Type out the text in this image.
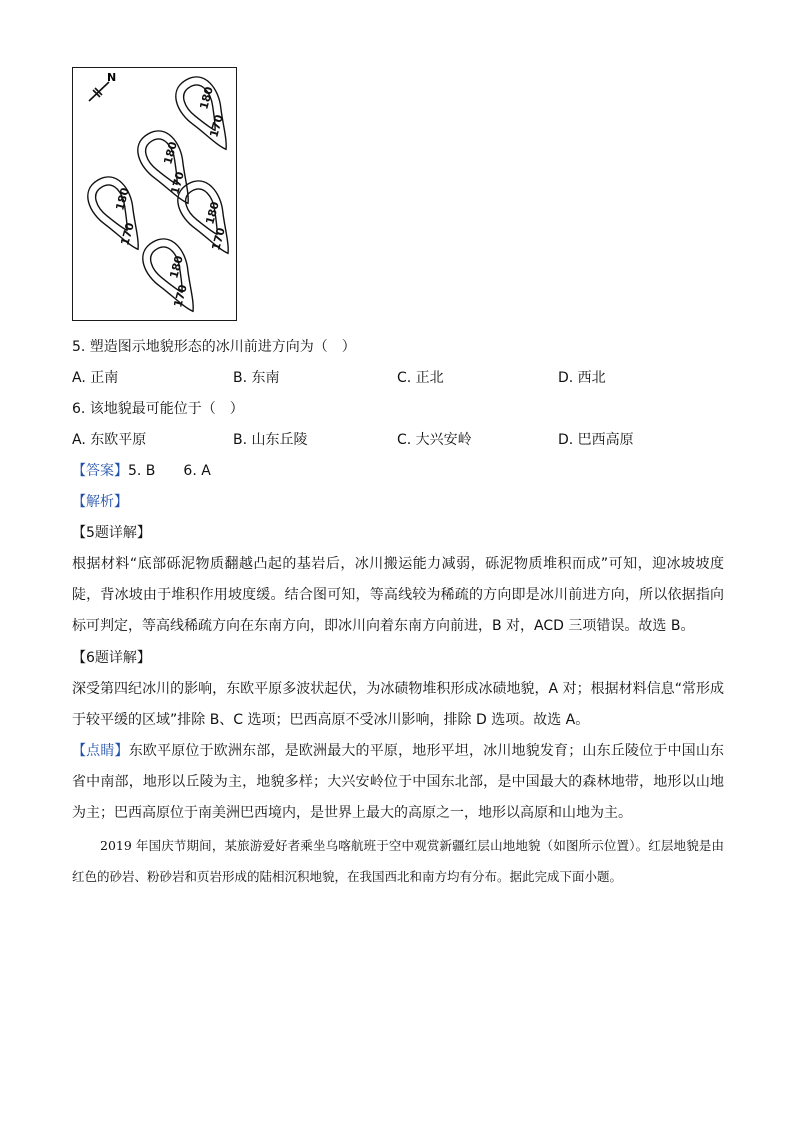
N
180
170
180
170
180
170
180
170
180
170
5. 塑造图示地貌形态的冰川前进方向为（　）
A. 正南	B. 东南	C. 正北	D. 西北
6. 该地貌最可能位于（　）
A. 东欧平原	B. 山东丘陵	C. 大兴安岭	D. 巴西高原
【答案】5. B　　6. A
【解析】
【5题详解】
根据材料“底部砾泥物质翻越凸起的基岩后，冰川搬运能力减弱，砾泥物质堆积而成”可知，迎冰坡坡度陡，背冰坡由于堆积作用坡度缓。结合图可知，等高线较为稀疏的方向即是冰川前进方向，所以依据指向标可判定，等高线稀疏方向在东南方向，即冰川向着东南方向前进，B 对，ACD 三项错误。故选 B。
【6题详解】
深受第四纪冰川的影响，东欧平原多波状起伏，为冰碛物堆积形成冰碛地貌，A 对；根据材料信息“常形成于较平缓的区域”排除 B、C 选项；巴西高原不受冰川影响，排除 D 选项。故选 A。
【点睛】东欧平原位于欧洲东部，是欧洲最大的平原，地形平坦，冰川地貌发育；山东丘陵位于中国山东省中南部，地形以丘陵为主，地貌多样；大兴安岭位于中国东北部，是中国最大的森林地带，地形以山地为主；巴西高原位于南美洲巴西境内，是世界上最大的高原之一，地形以高原和山地为主。
2019 年国庆节期间，某旅游爱好者乘坐乌喀航班于空中观赏新疆红层山地地貌（如图所示位置）。红层地貌是由红色的砂岩、粉砂岩和页岩形成的陆相沉积地貌，在我国西北和南方均有分布。据此完成下面小题。
